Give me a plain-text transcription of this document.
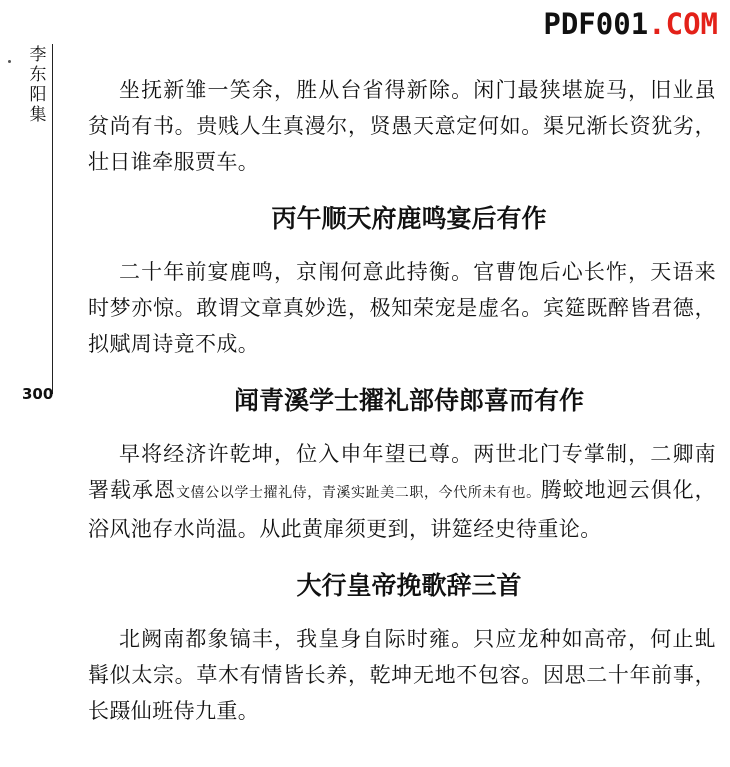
PDF001.COM
李东阳集
300

坐抚新雏一笑余，胜从台省得新除。闲门最狭堪旋马，旧业虽贫尚有书。贵贱人生真漫尔，贤愚天意定何如。渠兄渐长资犹劣，壮日谁牵服贾车。

丙午顺天府鹿鸣宴后有作

二十年前宴鹿鸣，京闱何意此持衡。官曹饱后心长怍，天语来时梦亦惊。敢谓文章真妙选，极知荣宠是虚名。宾筵既醉皆君德，拟赋周诗竟不成。

闻青溪学士擢礼部侍郎喜而有作

早将经济许乾坤，位入申年望已尊。两世北门专掌制，二卿南署载承恩文僖公以学士擢礼侍，青溪实趾美二职，今代所未有也。腾蛟地迥云俱化，浴风池存水尚温。从此黄扉须更到，讲筵经史待重论。

大行皇帝挽歌辞三首

北阙南都象镐丰，我皇身自际时雍。只应龙种如高帝，何止虬髯似太宗。草木有情皆长养，乾坤无地不包容。因思二十年前事，长蹑仙班侍九重。
